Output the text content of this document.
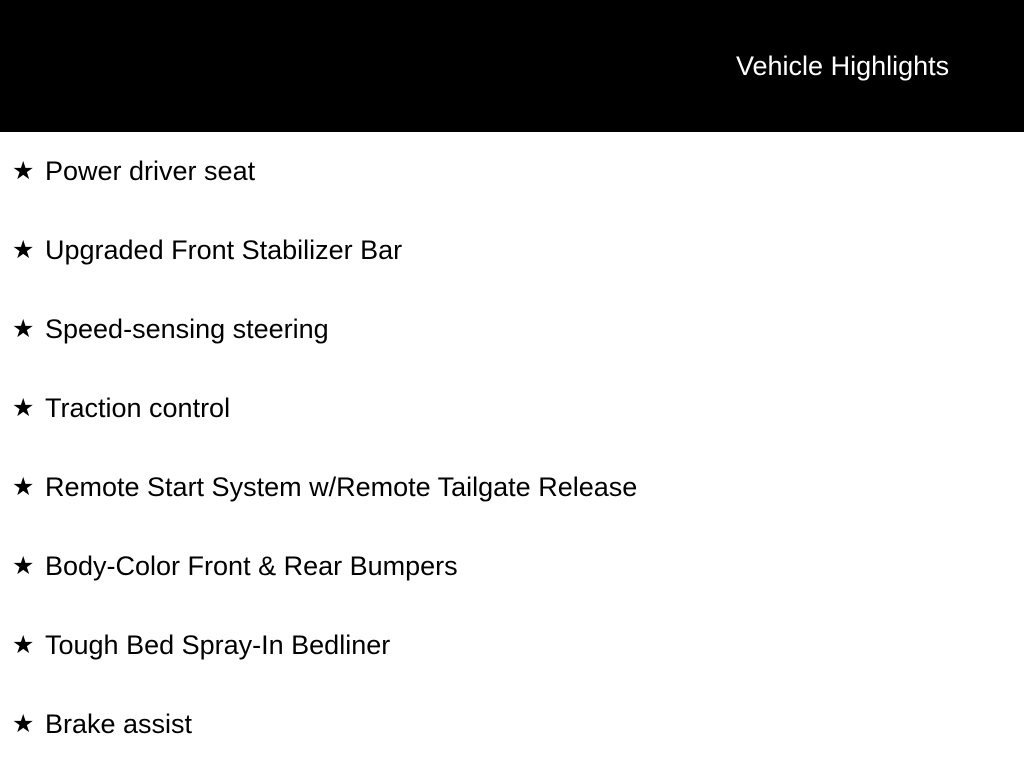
Vehicle Highlights
★ Power driver seat
★ Upgraded Front Stabilizer Bar
★ Speed-sensing steering
★ Traction control
★ Remote Start System w/Remote Tailgate Release
★ Body-Color Front & Rear Bumpers
★ Tough Bed Spray-In Bedliner
★ Brake assist
